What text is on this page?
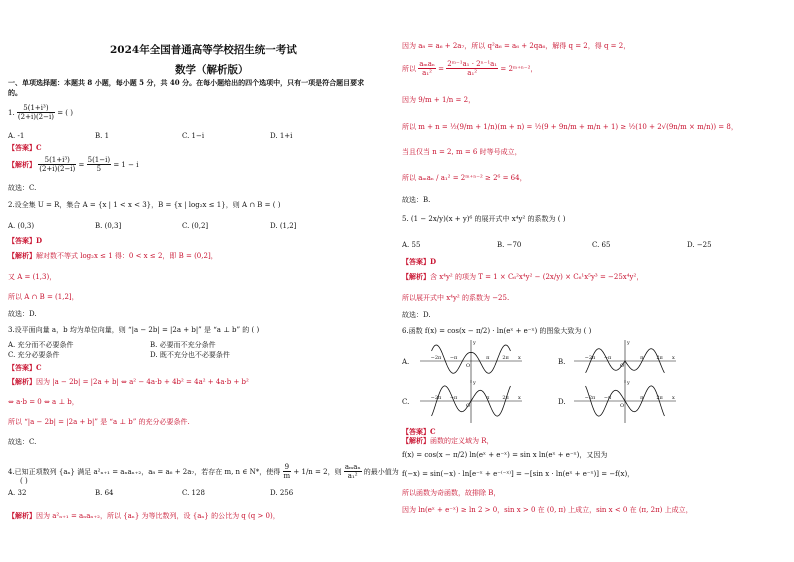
2024年全国普通高等学校招生统一考试
数学（解析版）
一、单项选择题：本题共 8 小题，每小题 5 分，共 40 分。在每小题给出的四个选项中，只有一项是符合题目要求
的。
1. $\frac{\text{5(1+i³)}}{(2+i)(2-i)}$ = ( )
A. -1	B. 1	C. 1−i	D. 1+i
【答案】C
【解析】 $\frac{\text{5(1+i³)}}{(2+i)(2-i)} = \frac{5(1-i)}{5} = 1 - i$
故选：C.
2.设全集 U = R，集合 A = {x | 1 < x < 3}，B = {x | log₂x ≤ 1}，则 A ∩ B = ( )
A. (0,3)	B. (0,3]	C. (0,2]	D. (1,2]
【答案】D
【解析】解对数不等式 log₂x ≤ 1 得：0 < x ≤ 2，即 B = (0,2]，
又 A = (1,3)，
所以 A ∩ B = (1,2]，
故选：D.
3.设平面向量 a，b 均为单位向量，则 “|a − 2b| = |2a + b|” 是 “a ⊥ b” 的 ( )
A. 充分而不必要条件	B. 必要而不充分条件
C. 充分必要条件	D. 既不充分也不必要条件
【答案】C
【解析】因为 |a − 2b| = |2a + b| ⇔ a² − 4a·b + 4b² = 4a² + 4a·b + b²
⇔ a·b = 0 ⇔ a ⊥ b，
所以 “|a − 2b| = |2a + b|” 是 “a ⊥ b” 的充分必要条件.
故选：C.
4.已知正项数列 {aₙ} 满足 a²ₙ₊₁ = aₙaₙ₊₂，a₈ = a₆ + 2a₇，若存在 m, n ∈ N*，使得 $\frac{9}{m} + 1/n = 2$，则 $\frac{\text{aₘaₙ}}{\text{a₁²}}$ 的最小值为
( )
A. 32	B. 64	C. 128	D. 256
【解析】因为 a²ₙ₊₁ = aₙaₙ₊₂，所以 {aₙ} 为等比数列，设 {aₙ} 的公比为 q (q > 0)，
因为 a₈ = a₆ + 2a₇，所以 q²a₆ = a₆ + 2qa₆，解得 q = 2，得 q = 2，
所以 $\frac{\text{aₘaₙ}}{\text{a₁²}} = \frac{\text{2ᵐ⁻¹a₁ · 2ⁿ⁻¹a₁}}{\text{a₁²}}$ = 2ᵐ⁺ⁿ⁻²，
因为 9/m + 1/n = 2，
所以 m + n = ½(9/m + 1/n)(m + n) = ½(9 + 9n/m + m/n + 1) ≥ ½(10 + 2√(9n/m × m/n)) = 8，
当且仅当 n = 2, m = 6 时等号成立，
所以 aₘaₙ / a₁² = 2ᵐ⁺ⁿ⁻² ≥ 2⁶ = 64，
故选：B.
5. (1 − 2x/y)(x + y)⁶ 的展开式中 x⁴y² 的系数为 ( )
A. 55	B. −70	C. 65	D. −25
【答案】D
【解析】含 x⁴y² 的项为 T = 1 × C₆²x⁴y² − (2x/y) × C₆¹x⁵y³ = −25x⁴y²，
所以展开式中 x⁴y² 的系数为 −25.
故选：D.
6.函数 f(x) = cos(x − π/2) · ln(eˣ + e⁻ˣ) 的图象大致为 ( )
A.	B.
C.	D.
y
x
O
−2π −π	π	2π
y
x
O
−2π −π	π	2π
y
x
O
−2π −π	π	2π
y
x
O
−2π −π	π	2π
【答案】C
【解析】函数的定义域为 R，
f(x) = cos(x − π/2) ln(eˣ + e⁻ˣ) = sin x ln(eˣ + e⁻ˣ)，又因为
f(−x) = sin(−x) · ln[e⁻ˣ + e⁻⁽⁻ˣ⁾] = −[sin x · ln(eˣ + e⁻ˣ)] = −f(x)，
所以函数为奇函数，故排除 B，
因为 ln(eˣ + e⁻ˣ) ≥ ln 2 > 0，sin x > 0 在 (0, π) 上成立，sin x < 0 在 (π, 2π) 上成立，
